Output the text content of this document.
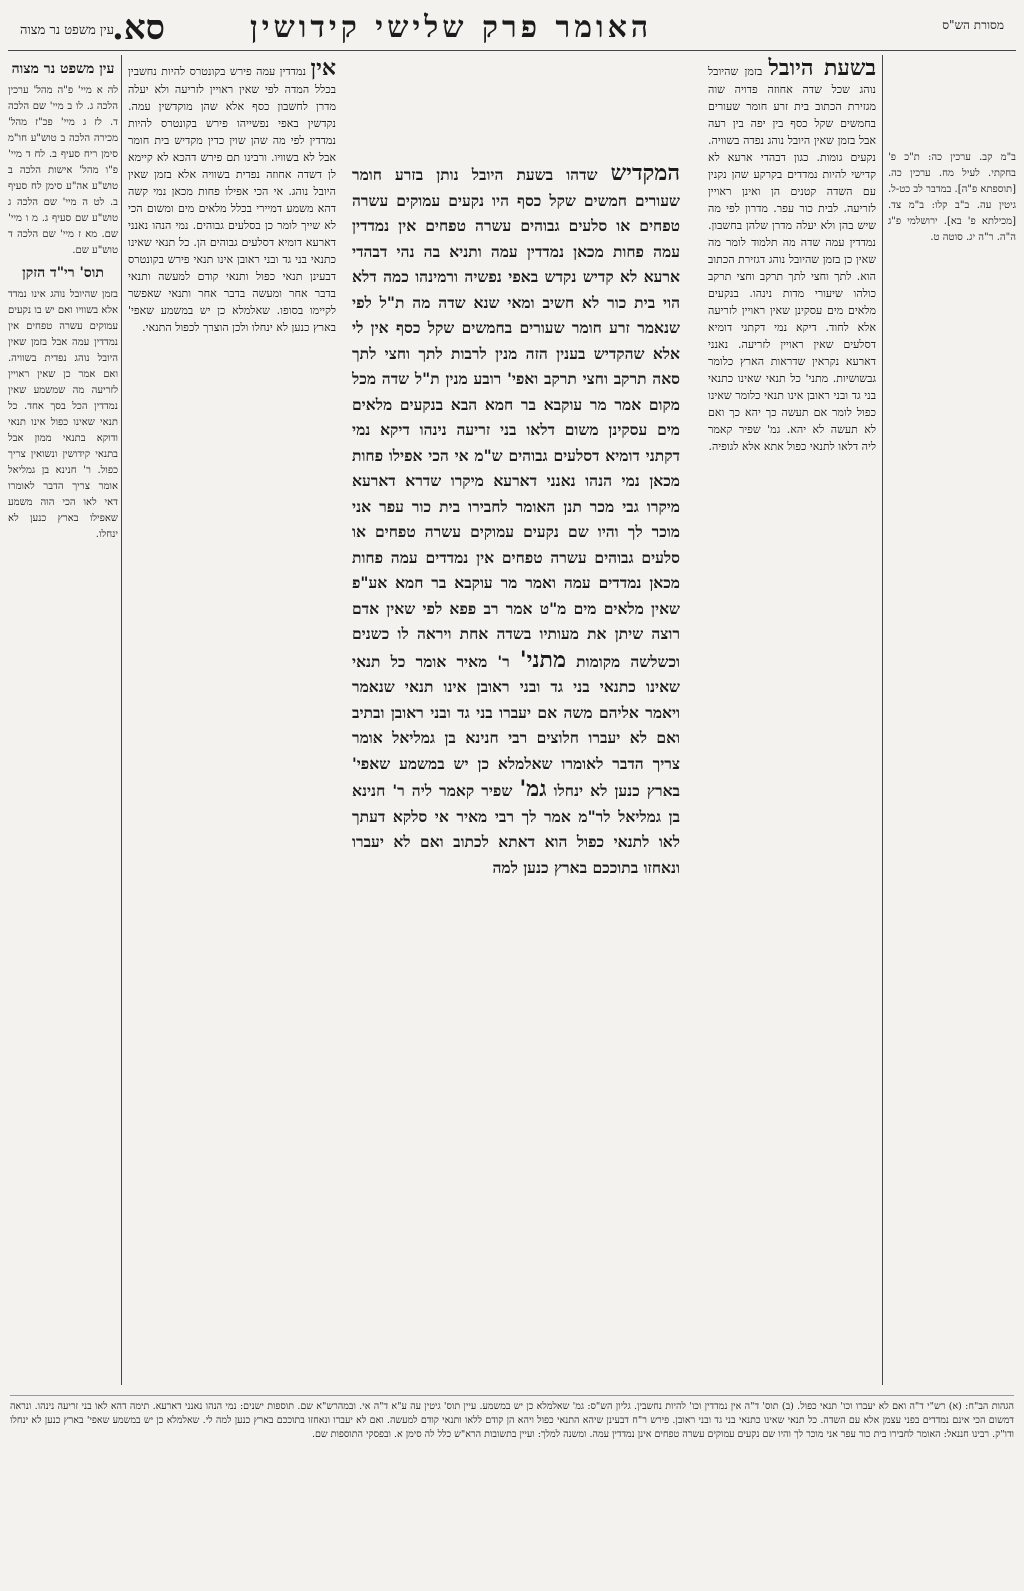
מסורת הש"ס
האומר פרק שלישי קידושין
סא.
עין משפט נר מצוה
ב"מ קב. ערכין כה: ת"כ פ' בחקתי. לעיל מח. ערכין כה. [תוספתא פ"ה]. במדבר לב כט-ל. גיטין עה. ב"ב קלו: ב"מ צד. [מכילתא פ' בא]. ירושלמי פ"ג ה"ה. ר"ה יג. סוטה ט.
בשעת היובל בזמן שהיובל נוהג שכל שדה אחוזה פדויה שוה מגזירת הכתוב בית זרע חומר שעורים בחמשים שקל כסף בין יפה בין רעה אבל בזמן שאין היובל נוהג נפדה בשוויה. נקעים גומות. כגון דבהדי ארעא לא קדישי להיות נמדדים בקרקע שהן נקנין עם השדה קטנים הן ואינן ראויין לזריעה. לבית כור עפר. מדרון לפי מה שיש בהן ולא יעלה מדרן שלהן בחשבון. נמדדין עמה שדה מה תלמוד לומר מה שאין כן בזמן שהיובל נוהג דגזירת הכתוב הוא. לתך וחצי לתך תרקב וחצי תרקב כולהו שיעורי מדות נינהו. בנקעים מלאים מים עסקינן שאין ראויין לזריעה אלא לחוד. דיקא נמי דקתני דומיא דסלעים שאין ראויין לזריעה. נאנני דארעא נקראין שדראות הארץ כלומר גבשושיות. מתני' כל תנאי שאינו כתנאי בני גד ובני ראובן אינו תנאי כלומר שאינו כפול לומר אם תעשה כך יהא כך ואם לא תעשה לא יהא. גמ' שפיר קאמר ליה דלאו לתנאי כפול אתא אלא לגופיה.
המקדיש שדהו בשעת היובל נותן בזרע חומר שעורים חמשים שקל כסף היו נקעים עמוקים עשרה טפחים או סלעים גבוהים עשרה טפחים אין נמדדין עמה פחות מכאן נמדדין עמה ותניא בה נהי דבהדי ארעא לא קדיש נקדש באפי נפשיה ורמינהו כמה דלא הוי בית כור לא חשיב ומאי שנא שדה מה ת"ל לפי שנאמר זרע חומר שעורים בחמשים שקל כסף אין לי אלא שהקדיש בענין הזה מנין לרבות לתך וחצי לתך סאה תרקב וחצי תרקב ואפי' רובע מנין ת"ל שדה מכל מקום אמר מר עוקבא בר חמא הבא בנקעים מלאים מים עסקינן משום דלאו בני זריעה נינהו דיקא נמי דקתני דומיא דסלעים גבוהים ש"מ אי הכי אפילו פחות מכאן נמי הנהו נאנני דארעא מיקרו שדרא דארעא מיקרו גבי מכר תנן האומר לחבירו בית כור עפר אני מוכר לך והיו שם נקעים עמוקים עשרה טפחים או סלעים גבוהים עשרה טפחים אין נמדדים עמה פחות מכאן נמדדים עמה ואמר מר עוקבא בר חמא אע"פ שאין מלאים מים מ"ט אמר רב פפא לפי שאין אדם רוצה שיתן את מעותיו בשדה אחת ויראה לו כשנים וכשלשה מקומות מתני' ר' מאיר אומר כל תנאי שאינו כתנאי בני גד ובני ראובן אינו תנאי שנאמר ויאמר אליהם משה אם יעברו בני גד ובני ראובן ובתיב ואם לא יעברו חלוצים רבי חנינא בן גמליאל אומר צריך הדבר לאומרו שאלמלא כן יש במשמע שאפי' בארץ כנען לא ינחלו גמ' שפיר קאמר ליה ר' חנינא בן גמליאל לר"מ אמר לך רבי מאיר אי סלקא דעתך לאו לתנאי כפול הוא דאתא לכתוב ואם לא יעברו ונאחזו בתוככם בארץ כנען למה
אין נמדדין עמה פירש בקונטרס להיות נחשבין בכלל המדה לפי שאין ראויין לזריעה ולא יעלה מדרן לחשבון כסף אלא שהן מוקדשין עמה. נקדשין באפי נפשייהו פירש בקונטרס להיות נמדדין לפי מה שהן שוין כדין מקדיש בית חומר אבל לא בשוויו. ורבינו תם פירש דהכא לא קיימא לן דשדה אחוזה נפדית בשוויה אלא בזמן שאין היובל נוהג. אי הכי אפילו פחות מכאן נמי קשה דהא משמע דמיירי בכלל מלאים מים ומשום הכי לא שייך לומר כן בסלעים גבוהים. נמי הנהו נאנני דארעא דומיא דסלעים גבוהים הן. כל תנאי שאינו כתנאי בני גד ובני ראובן אינו תנאי פירש בקונטרס דבעינן תנאי כפול ותנאי קודם למעשה ותנאי בדבר אחר ומעשה בדבר אחר ותנאי שאפשר לקיימו בסופו. שאלמלא כן יש במשמע שאפי' בארץ כנען לא ינחלו ולכן הוצרך לכפול התנאי.
עין משפט נר מצוה
לה א מיי' פ"ה מהל' ערכין הלכה ג. לו ב מיי' שם הלכה ד. לז ג מיי' פכ"ז מהל' מכירה הלכה ב טוש"ע חו"מ סימן ריח סעיף ב. לח ד מיי' פ"ו מהל' אישות הלכה ב טוש"ע אה"ע סימן לח סעיף ב. לט ה מיי' שם הלכה ג טוש"ע שם סעיף ג. מ ו מיי' שם. מא ז מיי' שם הלכה ד טוש"ע שם.
תוס' רי"ד הזקן
בזמן שהיובל נוהג אינו נמדד אלא בשוויו ואם יש בו נקעים עמוקים עשרה טפחים אין נמדדין עמה אבל בזמן שאין היובל נוהג נפדית בשוויה. ואם אמר כן שאין ראויין לזריעה מה שמשמע שאין נמדדין הכל בסך אחד. כל תנאי שאינו כפול אינו תנאי ודוקא בתנאי ממון אבל בתנאי קידושין ונשואין צריך כפול. ר' חנינא בן גמליאל אומר צריך הדבר לאומרו דאי לאו הכי הוה משמע שאפילו בארץ כנען לא ינחלו.
הגהות הב"ח: (א) רש"י ד"ה ואם לא יעברו וכו' תנאי כפול. (ב) תוס' ד"ה אין נמדדין וכו' להיות נחשבין. גליון הש"ס: גמ' שאלמלא כן יש במשמע. עיין תוס' גיטין עה ע"א ד"ה אי. ובמהרש"א שם. תוספות ישנים: נמי הנהו נאנני דארעא. תימה דהא לאו בני זריעה נינהו. ונראה דמשום הכי אינם נמדדים בפני עצמן אלא עם השדה. כל תנאי שאינו כתנאי בני גד ובני ראובן. פירש ר"ח דבעינן שיהא התנאי כפול ויהא הן קודם ללאו ותנאי קודם למעשה. ואם לא יעברו ונאחזו בתוככם בארץ כנען למה לי. שאלמלא כן יש במשמע שאפי' בארץ כנען לא ינחלו ודו"ק. רבינו חננאל: האומר לחבירו בית כור עפר אני מוכר לך והיו שם נקעים עמוקים עשרה טפחים אינן נמדדין עמה. ומשנה למלך: ועיין בתשובות הרא"ש כלל לה סימן א. ובפסקי התוספות שם.
